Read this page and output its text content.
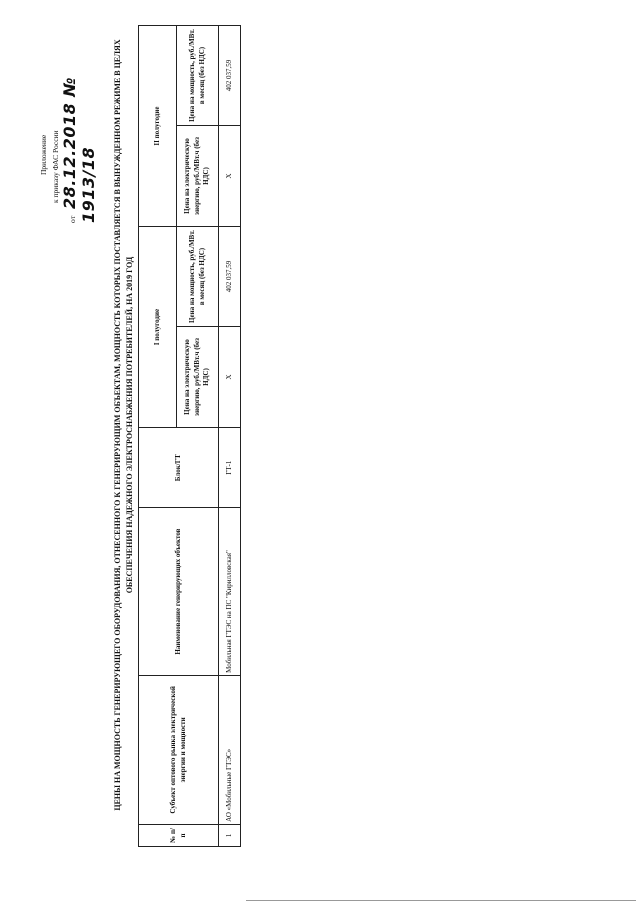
Приложение к приказу ФАС России
от 28.12.2018 № 1913/18 ЦЕНЫ НА МОЩНОСТЬ ГЕНЕРИРУЮЩЕГО ОБОРУДОВАНИЯ, ОТНЕСЕННОГО К ГЕНЕРИРУЮЩИМ ОБЪЕКТАМ, МОЩНОСТЬ КОТОРЫХ ПОСТАВЛЯЕТСЯ В ВЫНУЖДЕННОМ РЕЖИМЕ В ЦЕЛЯХ ОБЕСПЕЧЕНИЯ НАДЕЖНОГО ЭЛЕКТРОСНАБЖЕНИЯ ПОТРЕБИТЕЛЕЙ, НА 2019 ГОД
№ п/п	Субъект оптового рынка электрической энергии и мощности	Наименование генерирующих объектов	Блок/ГТ	I полугодие		II полугодие	
				Цена на электрическую энергию, руб./МВт.ч (без НДС)	Цена на мощность, руб./МВт. в месяц (без НДС)	Цена на электрическую энергию, руб./МВт.ч (без НДС)	Цена на мощность, руб./МВт. в месяц (без НДС)
1	АО «Мобильные ГТЭС»	Мобильная ГТЭС на ПС "Кирилловская"	ГТ-1	X	402 037,59	X	402 037,59
